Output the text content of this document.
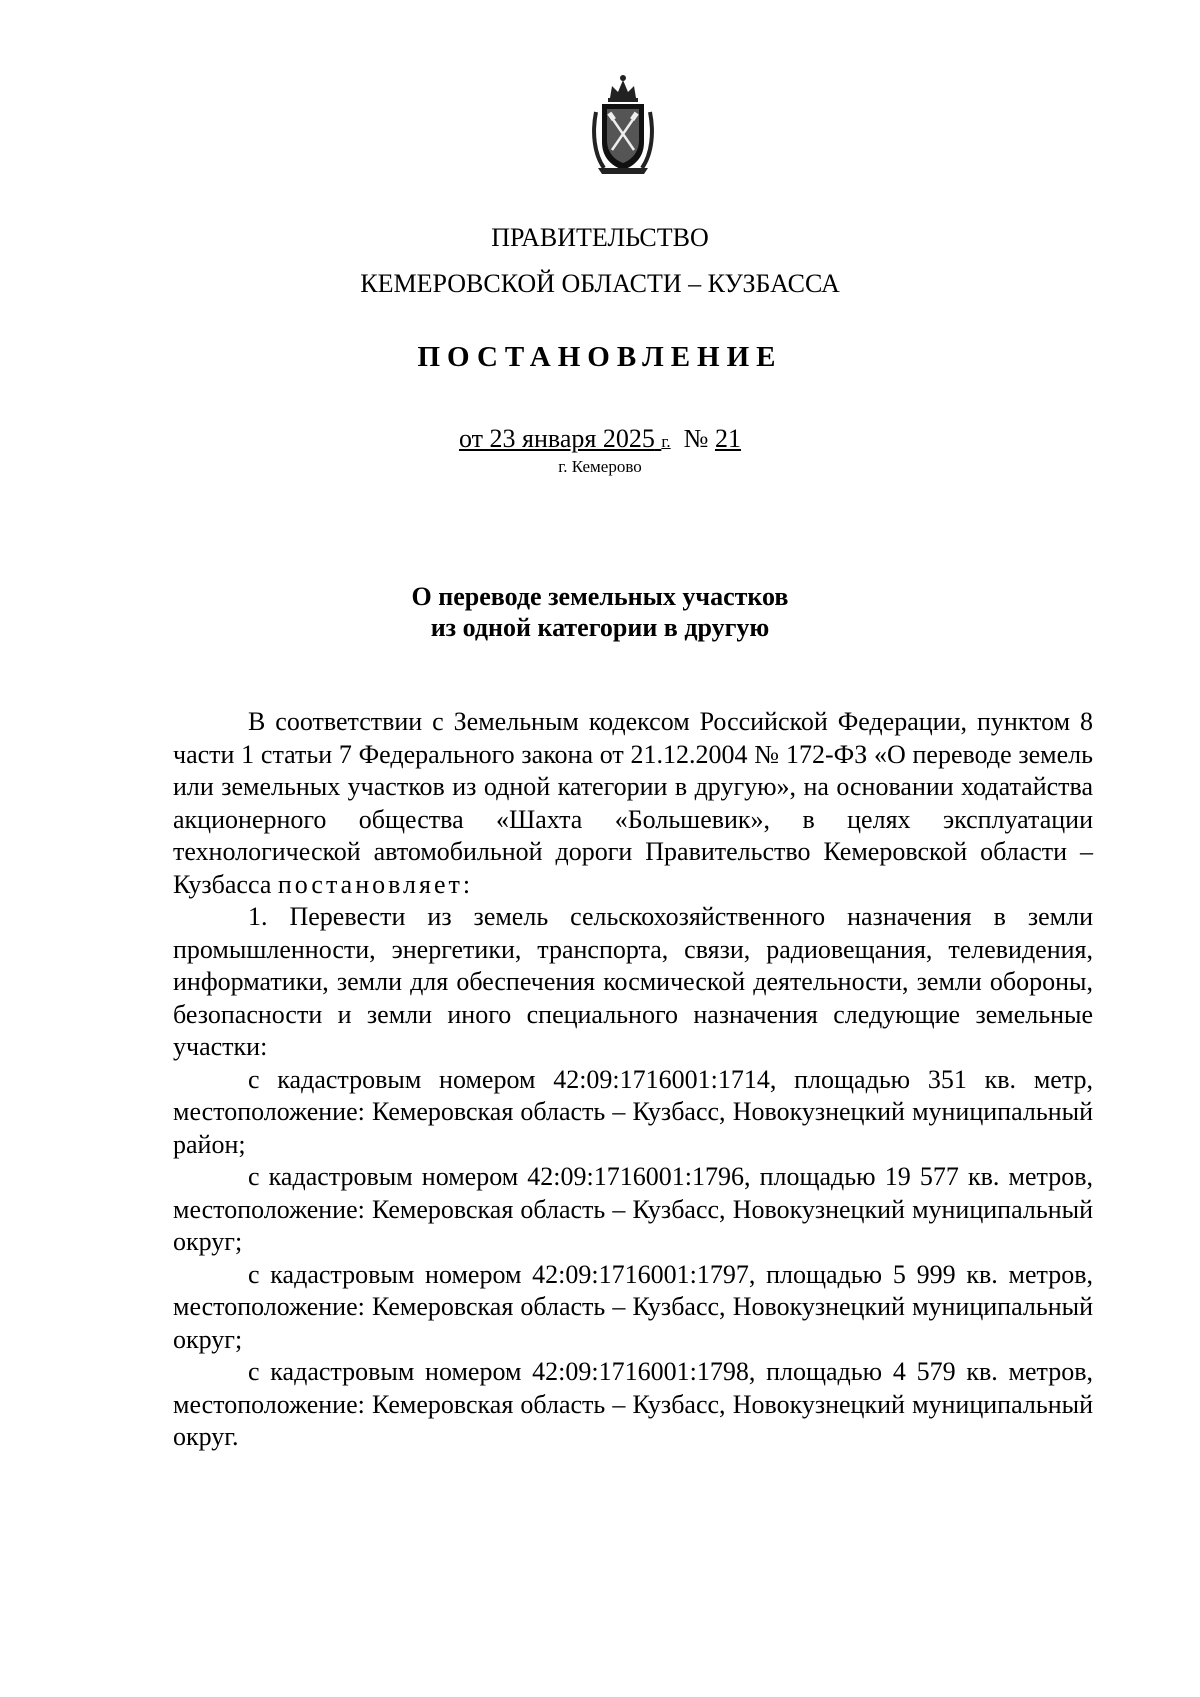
ПРАВИТЕЛЬСТВО
КЕМЕРОВСКОЙ ОБЛАСТИ – КУЗБАССА
ПОСТАНОВЛЕНИЕ
от 23 января 2025 г. № 21
г. Кемерово
О переводе земельных участков
из одной категории в другую

В соответствии с Земельным кодексом Российской Федерации, пунктом 8 части 1 статьи 7 Федерального закона от 21.12.2004 № 172-ФЗ «О переводе земель или земельных участков из одной категории в другую», на основании ходатайства акционерного общества «Шахта «Большевик», в целях эксплуатации технологической автомобильной дороги Правительство Кемеровской области – Кузбасса постановляет:

1. Перевести из земель сельскохозяйственного назначения в земли промышленности, энергетики, транспорта, связи, радиовещания, телевидения, информатики, земли для обеспечения космической деятельности, земли обороны, безопасности и земли иного специального назначения следующие земельные участки:

с кадастровым номером 42:09:1716001:1714, площадью 351 кв. метр, местоположение: Кемеровская область – Кузбасс, Новокузнецкий муниципальный район;

с кадастровым номером 42:09:1716001:1796, площадью 19 577 кв. метров, местоположение: Кемеровская область – Кузбасс, Новокузнецкий муниципальный округ;

с кадастровым номером 42:09:1716001:1797, площадью 5 999 кв. метров, местоположение: Кемеровская область – Кузбасс, Новокузнецкий муниципальный округ;

с кадастровым номером 42:09:1716001:1798, площадью 4 579 кв. метров, местоположение: Кемеровская область – Кузбасс, Новокузнецкий муниципальный округ.
